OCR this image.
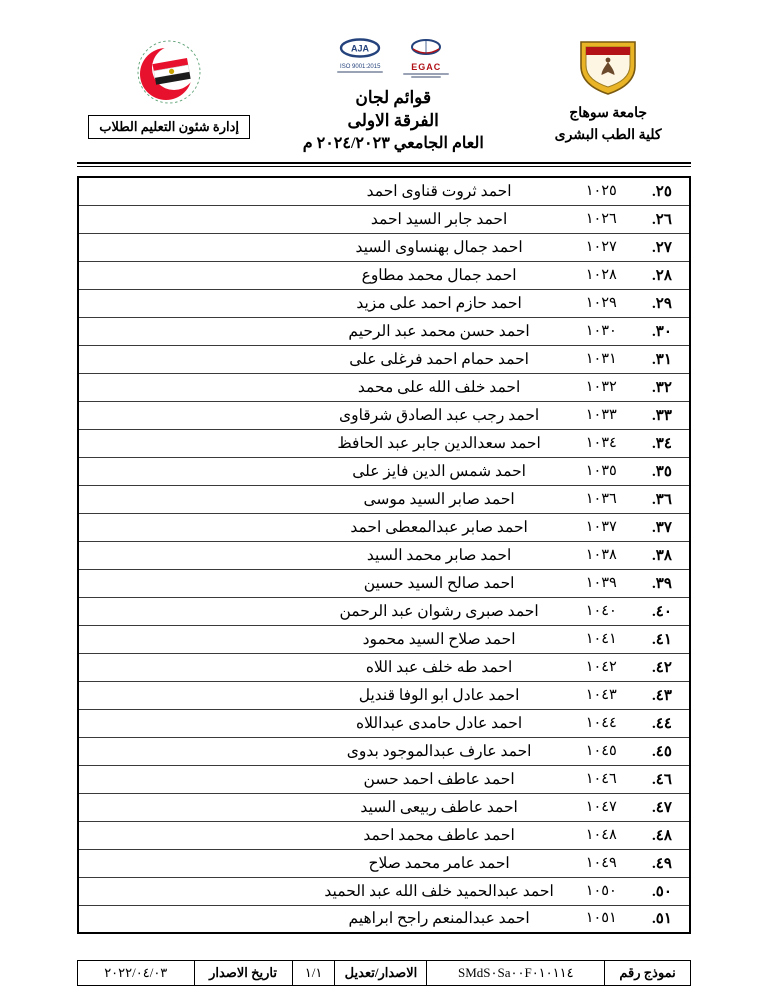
جامعة سوهاج
كلية الطب البشرى
EGAC
AJA
ISO 9001:2015
قوائم لجان
الفرقة الاولى
العام الجامعي ٢٠٢٤/٢٠٢٣ م
إدارة شئون التعليم الطلاب
٢٥.	١٠٢٥	احمد ثروت قناوى احمد	
٢٦.	١٠٢٦	احمد جابر السيد احمد	
٢٧.	١٠٢٧	احمد جمال بهنساوى السيد	
٢٨.	١٠٢٨	احمد جمال محمد مطاوع	
٢٩.	١٠٢٩	احمد حازم احمد على مزيد	
٣٠.	١٠٣٠	احمد حسن محمد عبد الرحيم	
٣١.	١٠٣١	احمد حمام احمد فرغلى على	
٣٢.	١٠٣٢	احمد خلف الله على محمد	
٣٣.	١٠٣٣	احمد رجب عبد الصادق شرقاوى	
٣٤.	١٠٣٤	احمد سعدالدين جابر عبد الحافظ	
٣٥.	١٠٣٥	احمد شمس الدين فايز على	
٣٦.	١٠٣٦	احمد صابر السيد موسى	
٣٧.	١٠٣٧	احمد صابر عبدالمعطى احمد	
٣٨.	١٠٣٨	احمد صابر محمد السيد	
٣٩.	١٠٣٩	احمد صالح السيد حسين	
٤٠.	١٠٤٠	احمد صبرى رشوان عبد الرحمن	
٤١.	١٠٤١	احمد صلاح السيد محمود	
٤٢.	١٠٤٢	احمد طه خلف عبد اللاه	
٤٣.	١٠٤٣	احمد عادل ابو الوفا قنديل	
٤٤.	١٠٤٤	احمد عادل حامدى عبداللاه	
٤٥.	١٠٤٥	احمد عارف عبدالموجود بدوى	
٤٦.	١٠٤٦	احمد عاطف احمد حسن	
٤٧.	١٠٤٧	احمد عاطف ربيعى السيد	
٤٨.	١٠٤٨	احمد عاطف محمد احمد	
٤٩.	١٠٤٩	احمد عامر محمد صلاح	
٥٠.	١٠٥٠	احمد عبدالحميد خلف الله عبد الحميد	
٥١.	١٠٥١	احمد عبدالمنعم راجح ابراهيم	
نموذج رقم	SMdS٠Sa٠٠F٠١٠١١٤	الاصدار/تعديل	١/١	تاريخ الاصدار	٢٠٢٢/٠٤/٠٣
